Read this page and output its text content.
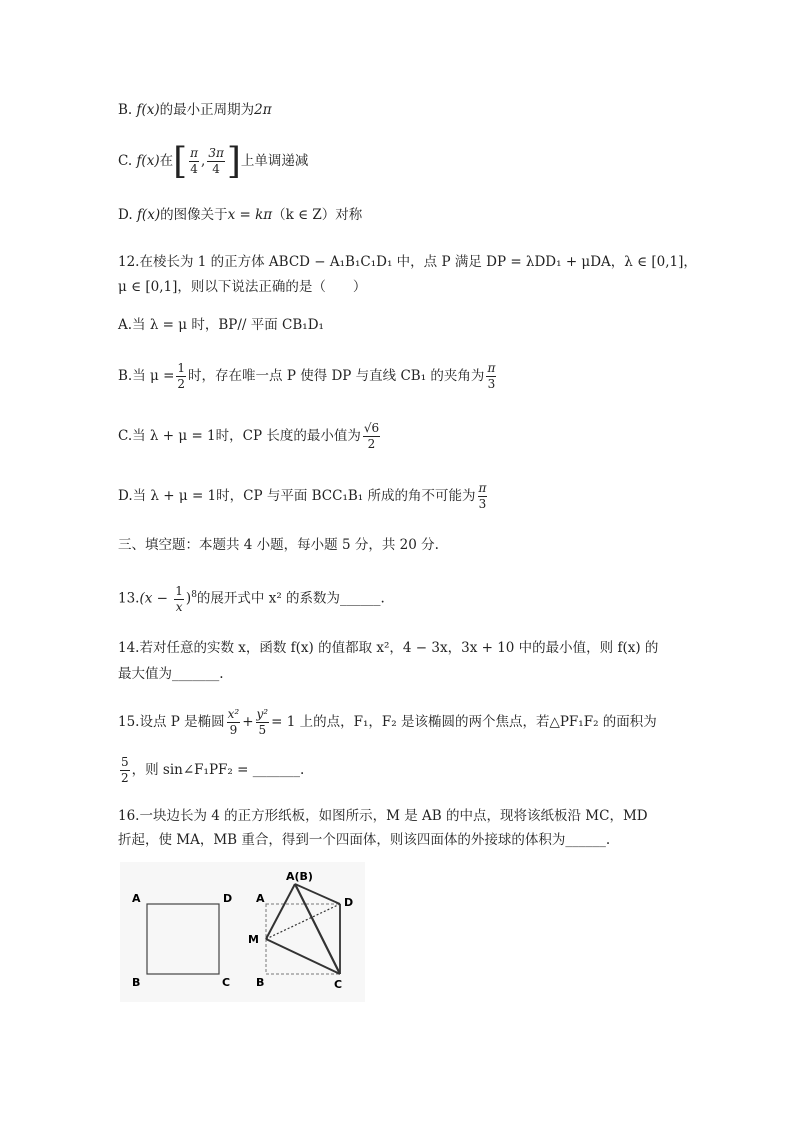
B. f(x)的最小正周期为2π
C. f(x)在[ $\frac{\pi}{4}$ , $\frac{3\pi}{4}$ ]上单调递减
D. f(x)的图像关于x = kπ（k ∈ Z）对称
12.在棱长为 1 的正方体 ABCD − A₁B₁C₁D₁ 中，点 P 满足 DP = λDD₁ + μDA，λ ∈ [0,1]，
μ ∈ [0,1]，则以下说法正确的是（　　）
A.当 λ = μ 时，BP// 平面 CB₁D₁
B.当 $\mu = \frac{1}{2}$ 时，存在唯一点 P 使得 DP 与直线 CB₁ 的夹角为 $\frac{\pi}{3}$
C.当 λ + μ = 1时，CP 长度的最小值为 $\frac{√6}{2}$
D.当 λ + μ = 1时，CP 与平面 BCC₁B₁ 所成的角不可能为 $\frac{\pi}{3}$
三、填空题：本题共 4 小题，每小题 5 分，共 20 分.
$13.(x - \frac{1}{x} )^8$的展开式中 x² 的系数为______.
14.若对任意的实数 x，函数 f(x) 的值都取 x²，4 − 3x，3x + 10 中的最小值，则 f(x) 的
最大值为_______.
15.设点 P 是椭圆 $\frac{\text{x²}}{9} + \frac{\text{y²}}{5} = 1$ 上的点，F₁，F₂ 是该椭圆的两个焦点，若△PF₁F₂ 的面积为
$\frac{5}{2}$ ，则 sin∠F₁PF₂ = _______.
16.一块边长为 4 的正方形纸板，如图所示，M 是 AB 的中点，现将该纸板沿 MC，MD
折起，使 MA，MB 重合，得到一个四面体，则该四面体的外接球的体积为______.
A	D
B	C
A(B)
A	D
M
B	C
